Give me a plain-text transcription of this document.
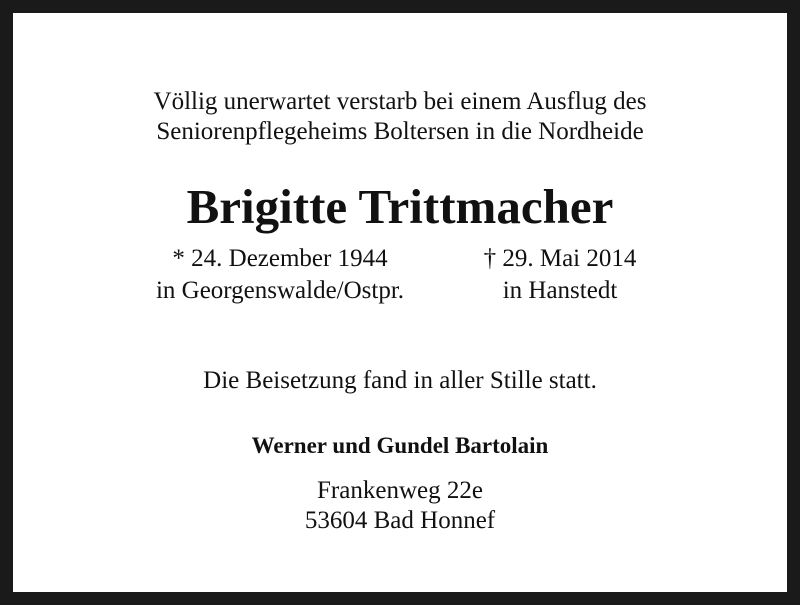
Völlig unerwartet verstarb bei einem Ausflug des
Seniorenpflegeheims Boltersen in die Nordheide
Brigitte Trittmacher
* 24. Dezember 1944
in Georgenswalde/Ostpr.
† 29. Mai 2014
in Hanstedt
Die Beisetzung fand in aller Stille statt.
Werner und Gundel Bartolain
Frankenweg 22e
53604 Bad Honnef
